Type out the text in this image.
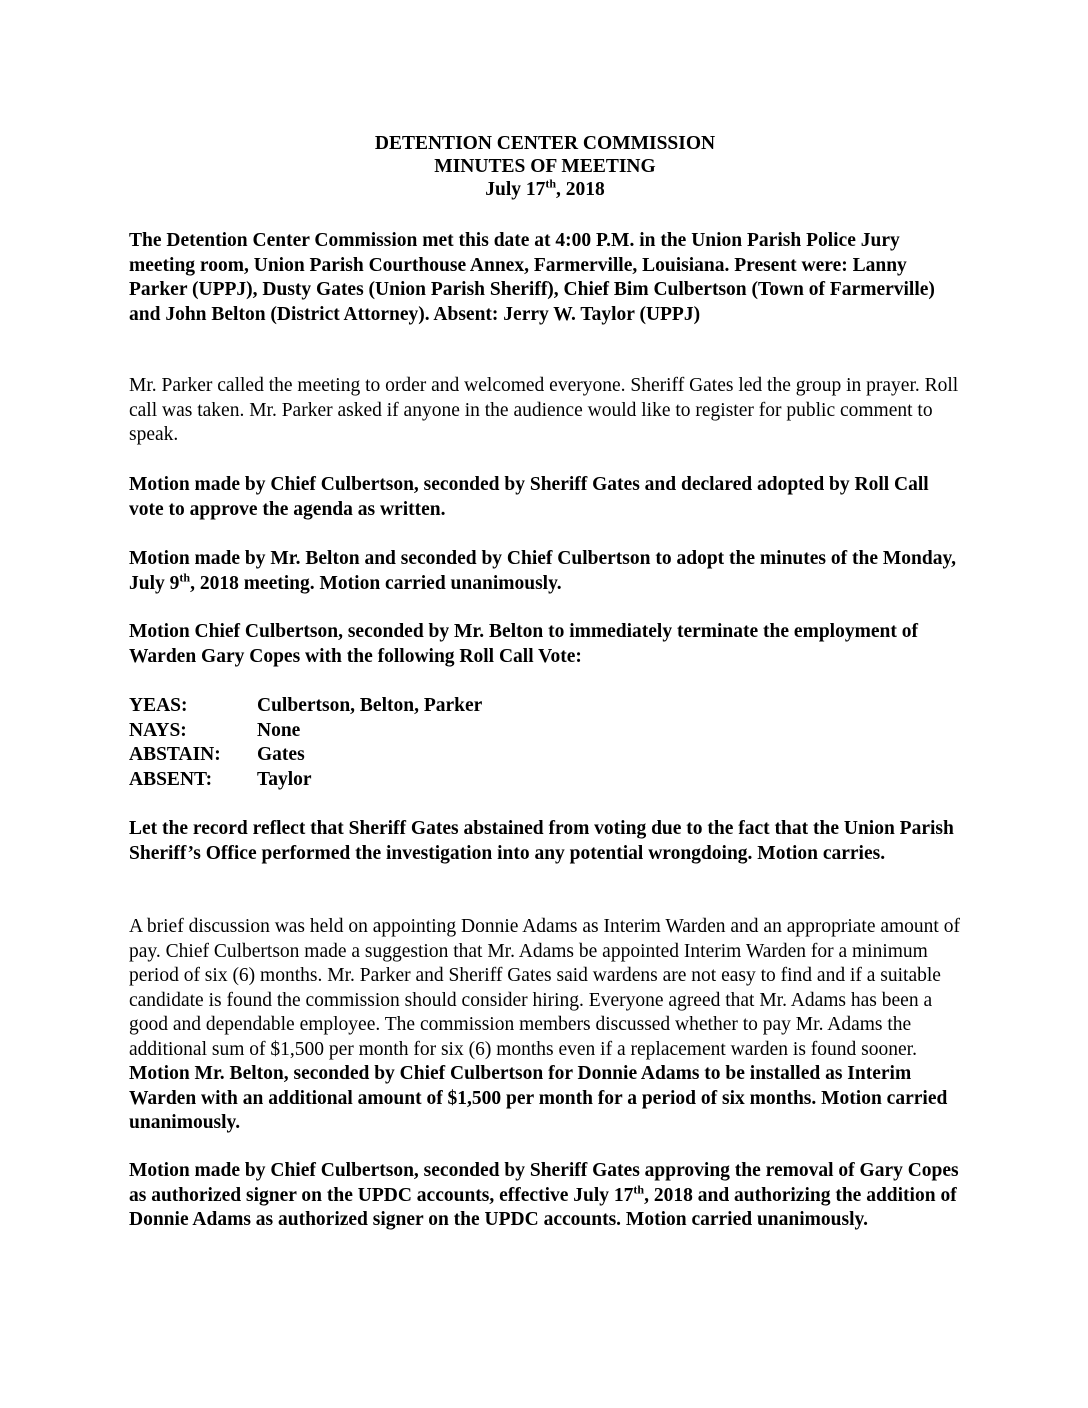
DETENTION CENTER COMMISSION
MINUTES OF MEETING
July 17th, 2018

The Detention Center Commission met this date at 4:00 P.M. in the Union Parish Police Jury meeting room, Union Parish Courthouse Annex, Farmerville, Louisiana. Present were: Lanny Parker (UPPJ), Dusty Gates (Union Parish Sheriff), Chief Bim Culbertson (Town of Farmerville) and John Belton (District Attorney). Absent: Jerry W. Taylor (UPPJ)

Mr. Parker called the meeting to order and welcomed everyone. Sheriff Gates led the group in prayer. Roll call was taken. Mr. Parker asked if anyone in the audience would like to register for public comment to speak.

Motion made by Chief Culbertson, seconded by Sheriff Gates and declared adopted by Roll Call vote to approve the agenda as written.

Motion made by Mr. Belton and seconded by Chief Culbertson to adopt the minutes of the Monday, July 9th, 2018 meeting. Motion carried unanimously.

Motion Chief Culbertson, seconded by Mr. Belton to immediately terminate the employment of Warden Gary Copes with the following Roll Call Vote:

YEAS:	Culbertson, Belton, Parker
NAYS:	None
ABSTAIN:	Gates
ABSENT:	Taylor

Let the record reflect that Sheriff Gates abstained from voting due to the fact that the Union Parish Sheriff’s Office performed the investigation into any potential wrongdoing. Motion carries.

A brief discussion was held on appointing Donnie Adams as Interim Warden and an appropriate amount of pay. Chief Culbertson made a suggestion that Mr. Adams be appointed Interim Warden for a minimum period of six (6) months. Mr. Parker and Sheriff Gates said wardens are not easy to find and if a suitable candidate is found the commission should consider hiring. Everyone agreed that Mr. Adams has been a good and dependable employee. The commission members discussed whether to pay Mr. Adams the additional sum of $1,500 per month for six (6) months even if a replacement warden is found sooner. Motion Mr. Belton, seconded by Chief Culbertson for Donnie Adams to be installed as Interim Warden with an additional amount of $1,500 per month for a period of six months. Motion carried unanimously.

Motion made by Chief Culbertson, seconded by Sheriff Gates approving the removal of Gary Copes as authorized signer on the UPDC accounts, effective July 17th, 2018 and authorizing the addition of Donnie Adams as authorized signer on the UPDC accounts. Motion carried unanimously.
